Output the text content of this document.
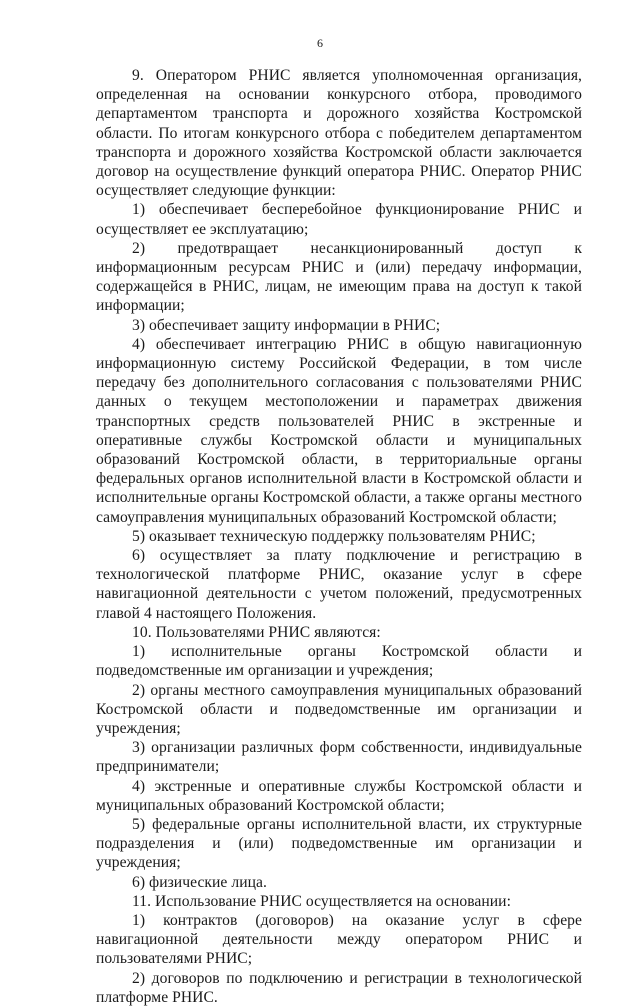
6

9. Оператором РНИС является уполномоченная организация, определенная на основании конкурсного отбора, проводимого департаментом транспорта и дорожного хозяйства Костромской области. По итогам конкурсного отбора с победителем департаментом транспорта и дорожного хозяйства Костромской области заключается договор на осуществление функций оператора РНИС. Оператор РНИС осуществляет следующие функции:

1) обеспечивает бесперебойное функционирование РНИС и осуществляет ее эксплуатацию;

2) предотвращает несанкционированный доступ к информационным ресурсам РНИС и (или) передачу информации, содержащейся в РНИС, лицам, не имеющим права на доступ к такой информации;

3) обеспечивает защиту информации в РНИС;

4) обеспечивает интеграцию РНИС в общую навигационную информационную систему Российской Федерации, в том числе передачу без дополнительного согласования с пользователями РНИС данных о текущем местоположении и параметрах движения транспортных средств пользователей РНИС в экстренные и оперативные службы Костромской области и муниципальных образований Костромской области, в территориальные органы федеральных органов исполнительной власти в Костромской области и исполнительные органы Костромской области, а также органы местного самоуправления муниципальных образований Костромской области;

5) оказывает техническую поддержку пользователям РНИС;

6) осуществляет за плату подключение и регистрацию в технологической платформе РНИС, оказание услуг в сфере навигационной деятельности с учетом положений, предусмотренных главой 4 настоящего Положения.

10. Пользователями РНИС являются:

1) исполнительные органы Костромской области и подведомственные им организации и учреждения;

2) органы местного самоуправления муниципальных образований Костромской области и подведомственные им организации и учреждения;

3) организации различных форм собственности, индивидуальные предприниматели;

4) экстренные и оперативные службы Костромской области и муниципальных образований Костромской области;

5) федеральные органы исполнительной власти, их структурные подразделения и (или) подведомственные им организации и учреждения;

6) физические лица.

11. Использование РНИС осуществляется на основании:

1) контрактов (договоров) на оказание услуг в сфере навигационной деятельности между оператором РНИС и пользователями РНИС;

2) договоров по подключению и регистрации в технологической платформе РНИС.
